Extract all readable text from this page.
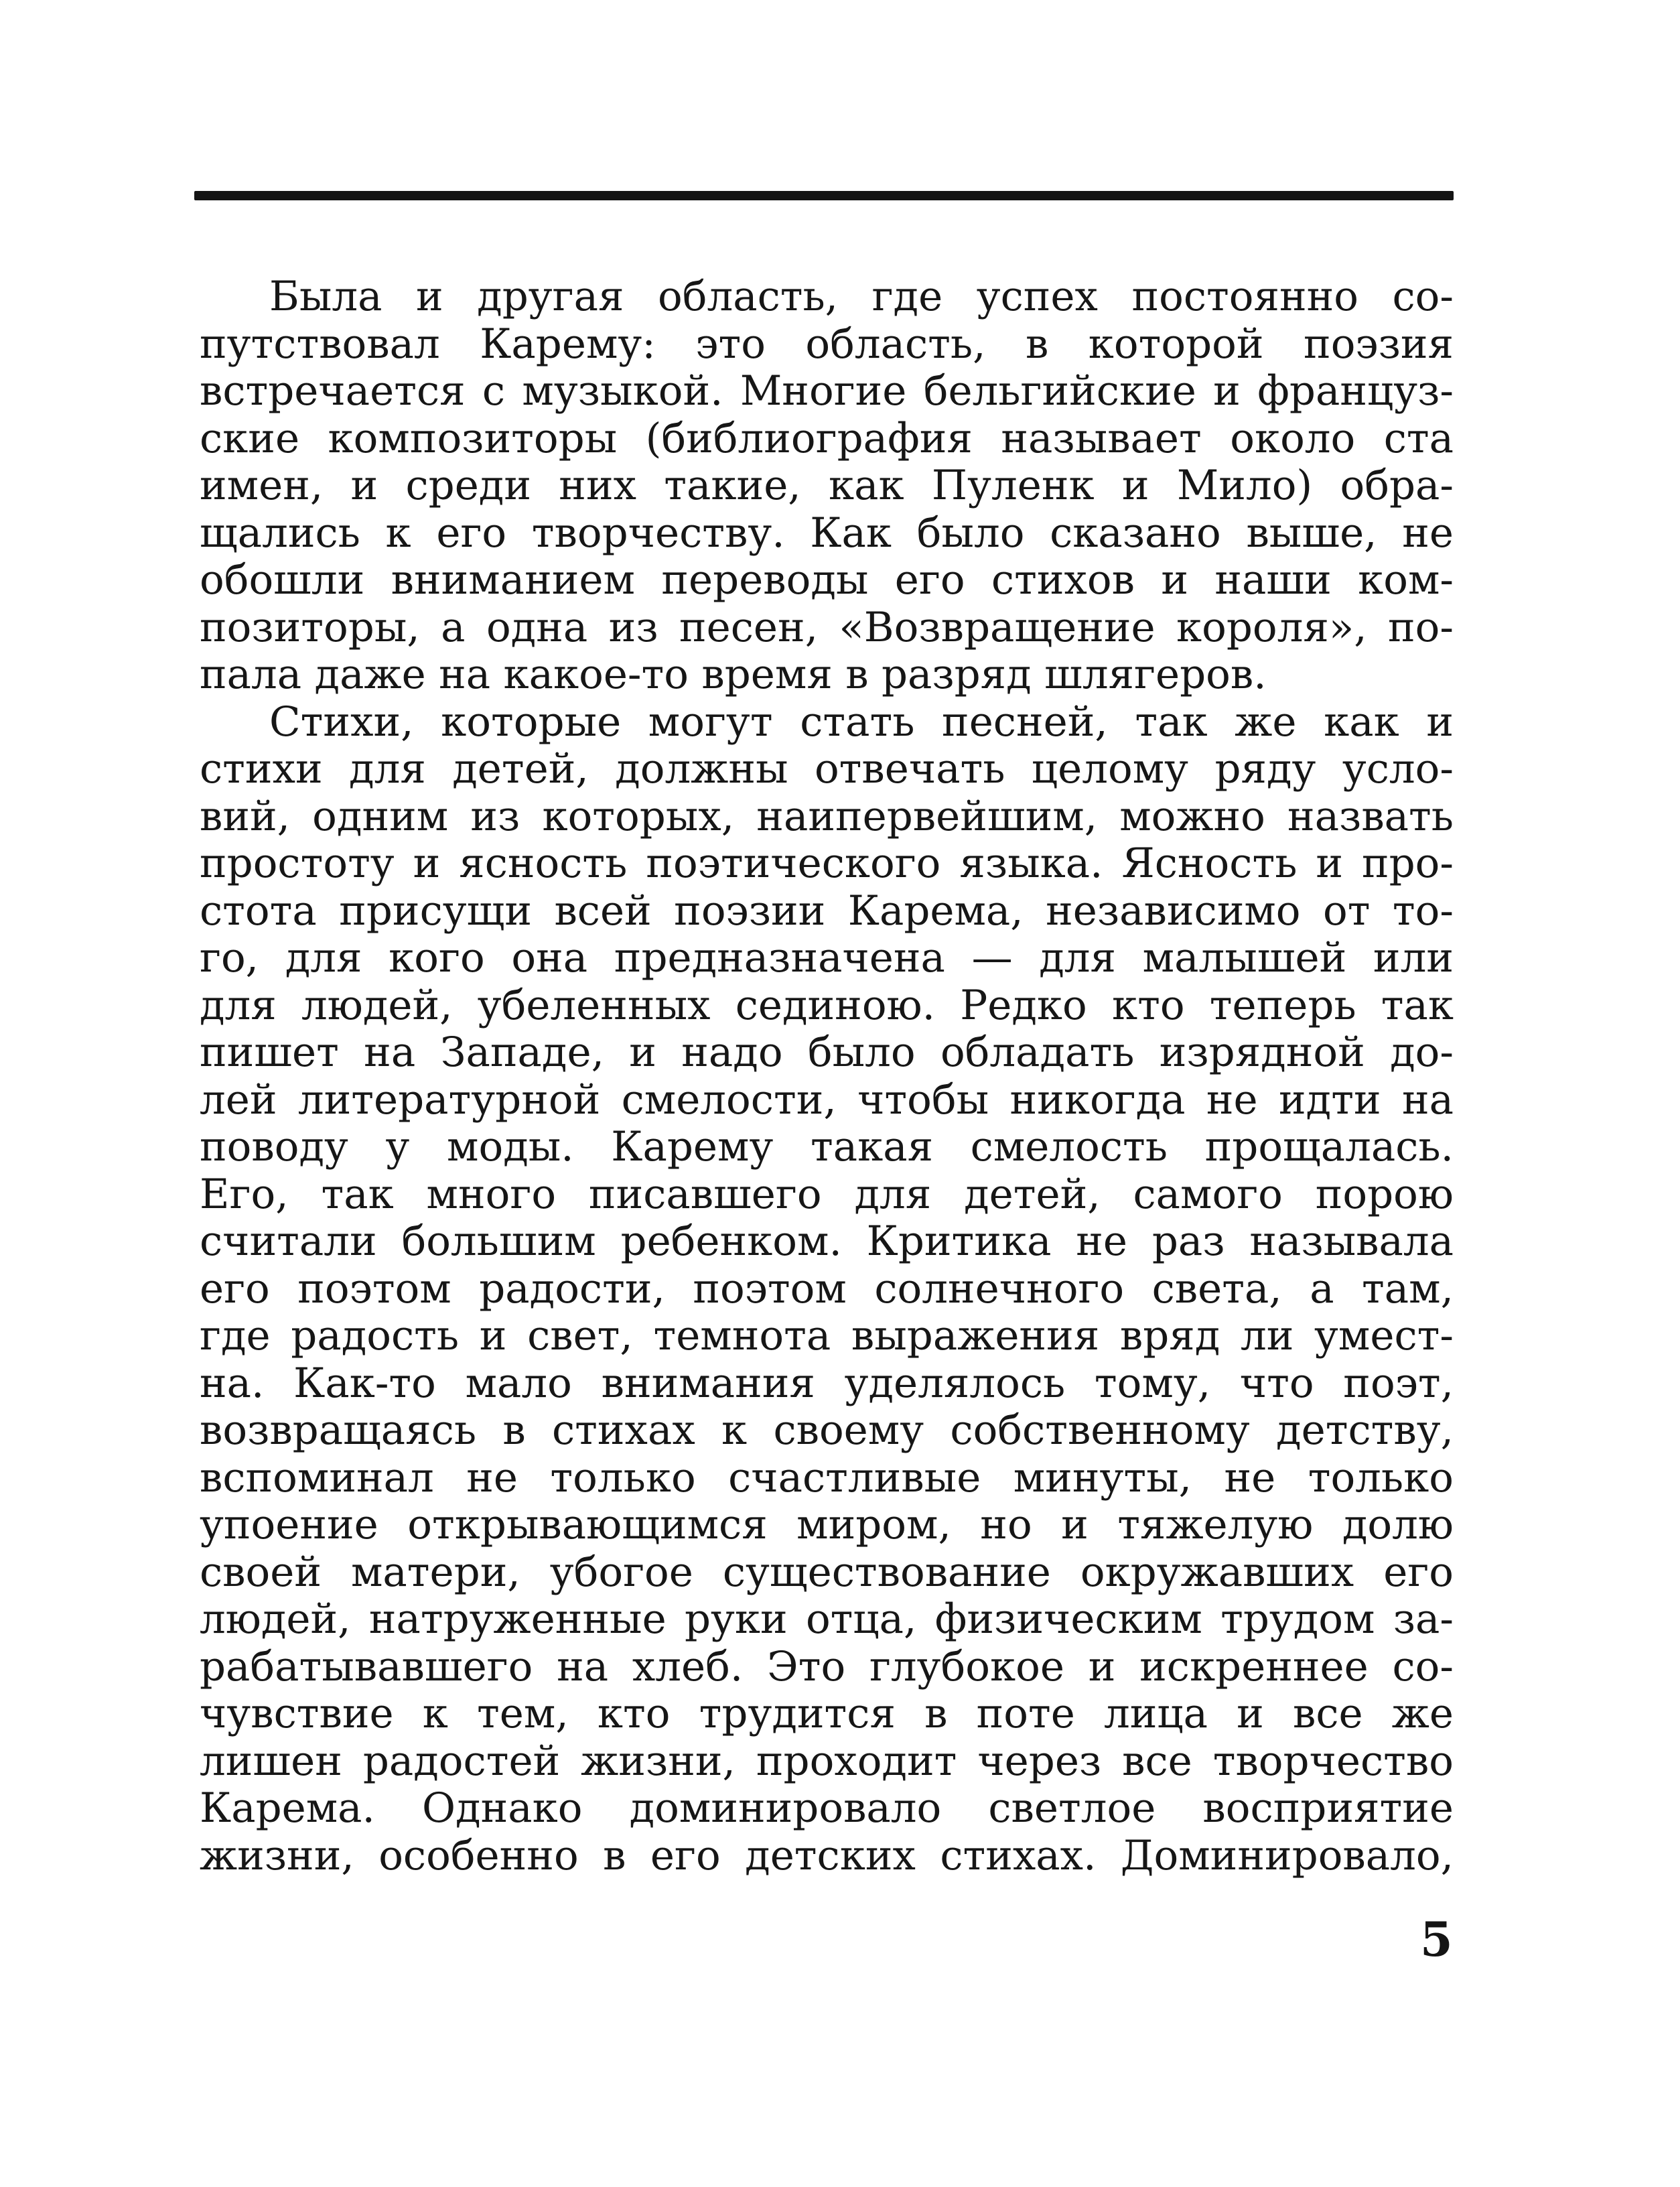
Была и другая область, где успех постоянно со-
путствовал Карему: это область, в которой поэзия
встречается с музыкой. Многие бельгийские и француз-
ские композиторы (библиография называет около ста
имен, и среди них такие, как Пуленк и Мило) обра-
щались к его творчеству. Как было сказано выше, не
обошли вниманием переводы его стихов и наши ком-
позиторы, а одна из песен, «Возвращение короля», по-
пала даже на какое-то время в разряд шлягеров.
Стихи, которые могут стать песней, так же как и
стихи для детей, должны отвечать целому ряду усло-
вий, одним из которых, наипервейшим, можно назвать
простоту и ясность поэтического языка. Ясность и про-
стота присущи всей поэзии Карема, независимо от то-
го, для кого она предназначена — для малышей или
для людей, убеленных сединою. Редко кто теперь так
пишет на Западе, и надо было обладать изрядной до-
лей литературной смелости, чтобы никогда не идти на
поводу у моды. Карему такая смелость прощалась.
Его, так много писавшего для детей, самого порою
считали большим ребенком. Критика не раз называла
его поэтом радости, поэтом солнечного света, а там,
где радость и свет, темнота выражения вряд ли умест-
на. Как-то мало внимания уделялось тому, что поэт,
возвращаясь в стихах к своему собственному детству,
вспоминал не только счастливые минуты, не только
упоение открывающимся миром, но и тяжелую долю
своей матери, убогое существование окружавших его
людей, натруженные руки отца, физическим трудом за-
рабатывавшего на хлеб. Это глубокое и искреннее со-
чувствие к тем, кто трудится в поте лица и все же
лишен радостей жизни, проходит через все творчество
Карема. Однако доминировало светлое восприятие
жизни, особенно в его детских стихах. Доминировало,
5
